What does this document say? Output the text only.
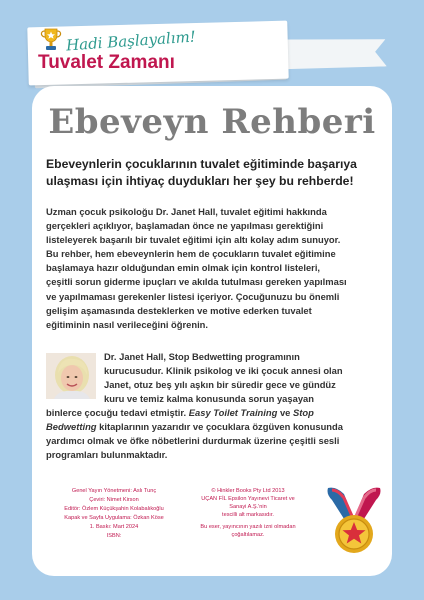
Hadi Başlayalım!
Tuvalet Zamanı
Ebeveyn Rehberi
Ebeveynlerin çocuklarının tuvalet eğitiminde başarıya
ulaşması için ihtiyaç duydukları her şey bu rehberde!
Uzman çocuk psikoloğu Dr. Janet Hall, tuvalet eğitimi hakkında
gerçekleri açıklıyor, başlamadan önce ne yapılması gerektiğini
listeleyerek başarılı bir tuvalet eğitimi için altı kolay adım sunuyor.
Bu rehber, hem ebeveynlerin hem de çocukların tuvalet eğitimine
başlamaya hazır olduğundan emin olmak için kontrol listeleri,
çeşitli sorun giderme ipuçları ve akılda tutulması gereken yapılması
ve yapılmaması gerekenler listesi içeriyor. Çocuğunuzu bu önemli
gelişim aşamasında desteklerken ve motive ederken tuvalet
eğitiminin nasıl verileceğini öğrenin.
Dr. Janet Hall, Stop Bedwetting programının
kurucusudur. Klinik psikolog ve iki çocuk annesi olan
Janet, otuz beş yılı aşkın bir süredir gece ve gündüz
kuru ve temiz kalma konusunda sorun yaşayan
binlerce çocuğu tedavi etmiştir. Easy Toilet Training ve Stop
Bedwetting kitaplarının yazarıdır ve çocuklara özgüven konusunda
yardımcı olmak ve öfke nöbetlerini durdurmak üzerine çeşitli sesli
programları bulunmaktadır.
Genel Yayın Yönetmeni: Aslı Tunç
Çeviri: Nimet Kirson
Editör: Özlem Küçükşahin Kolabalıkoğlu
Kapak ve Sayfa Uygulama: Özkan Köse
1. Baskı: Mart 2024
ISBN:
© Hinkler Books Pty Ltd 2013
UÇAN FİL Epsilon Yayınevi Ticaret ve
Sanayi A.Ş.'nin
tescilli alt markasıdır.
Bu eser, yayıncının yazılı izni olmadan
çoğaltılamaz.
